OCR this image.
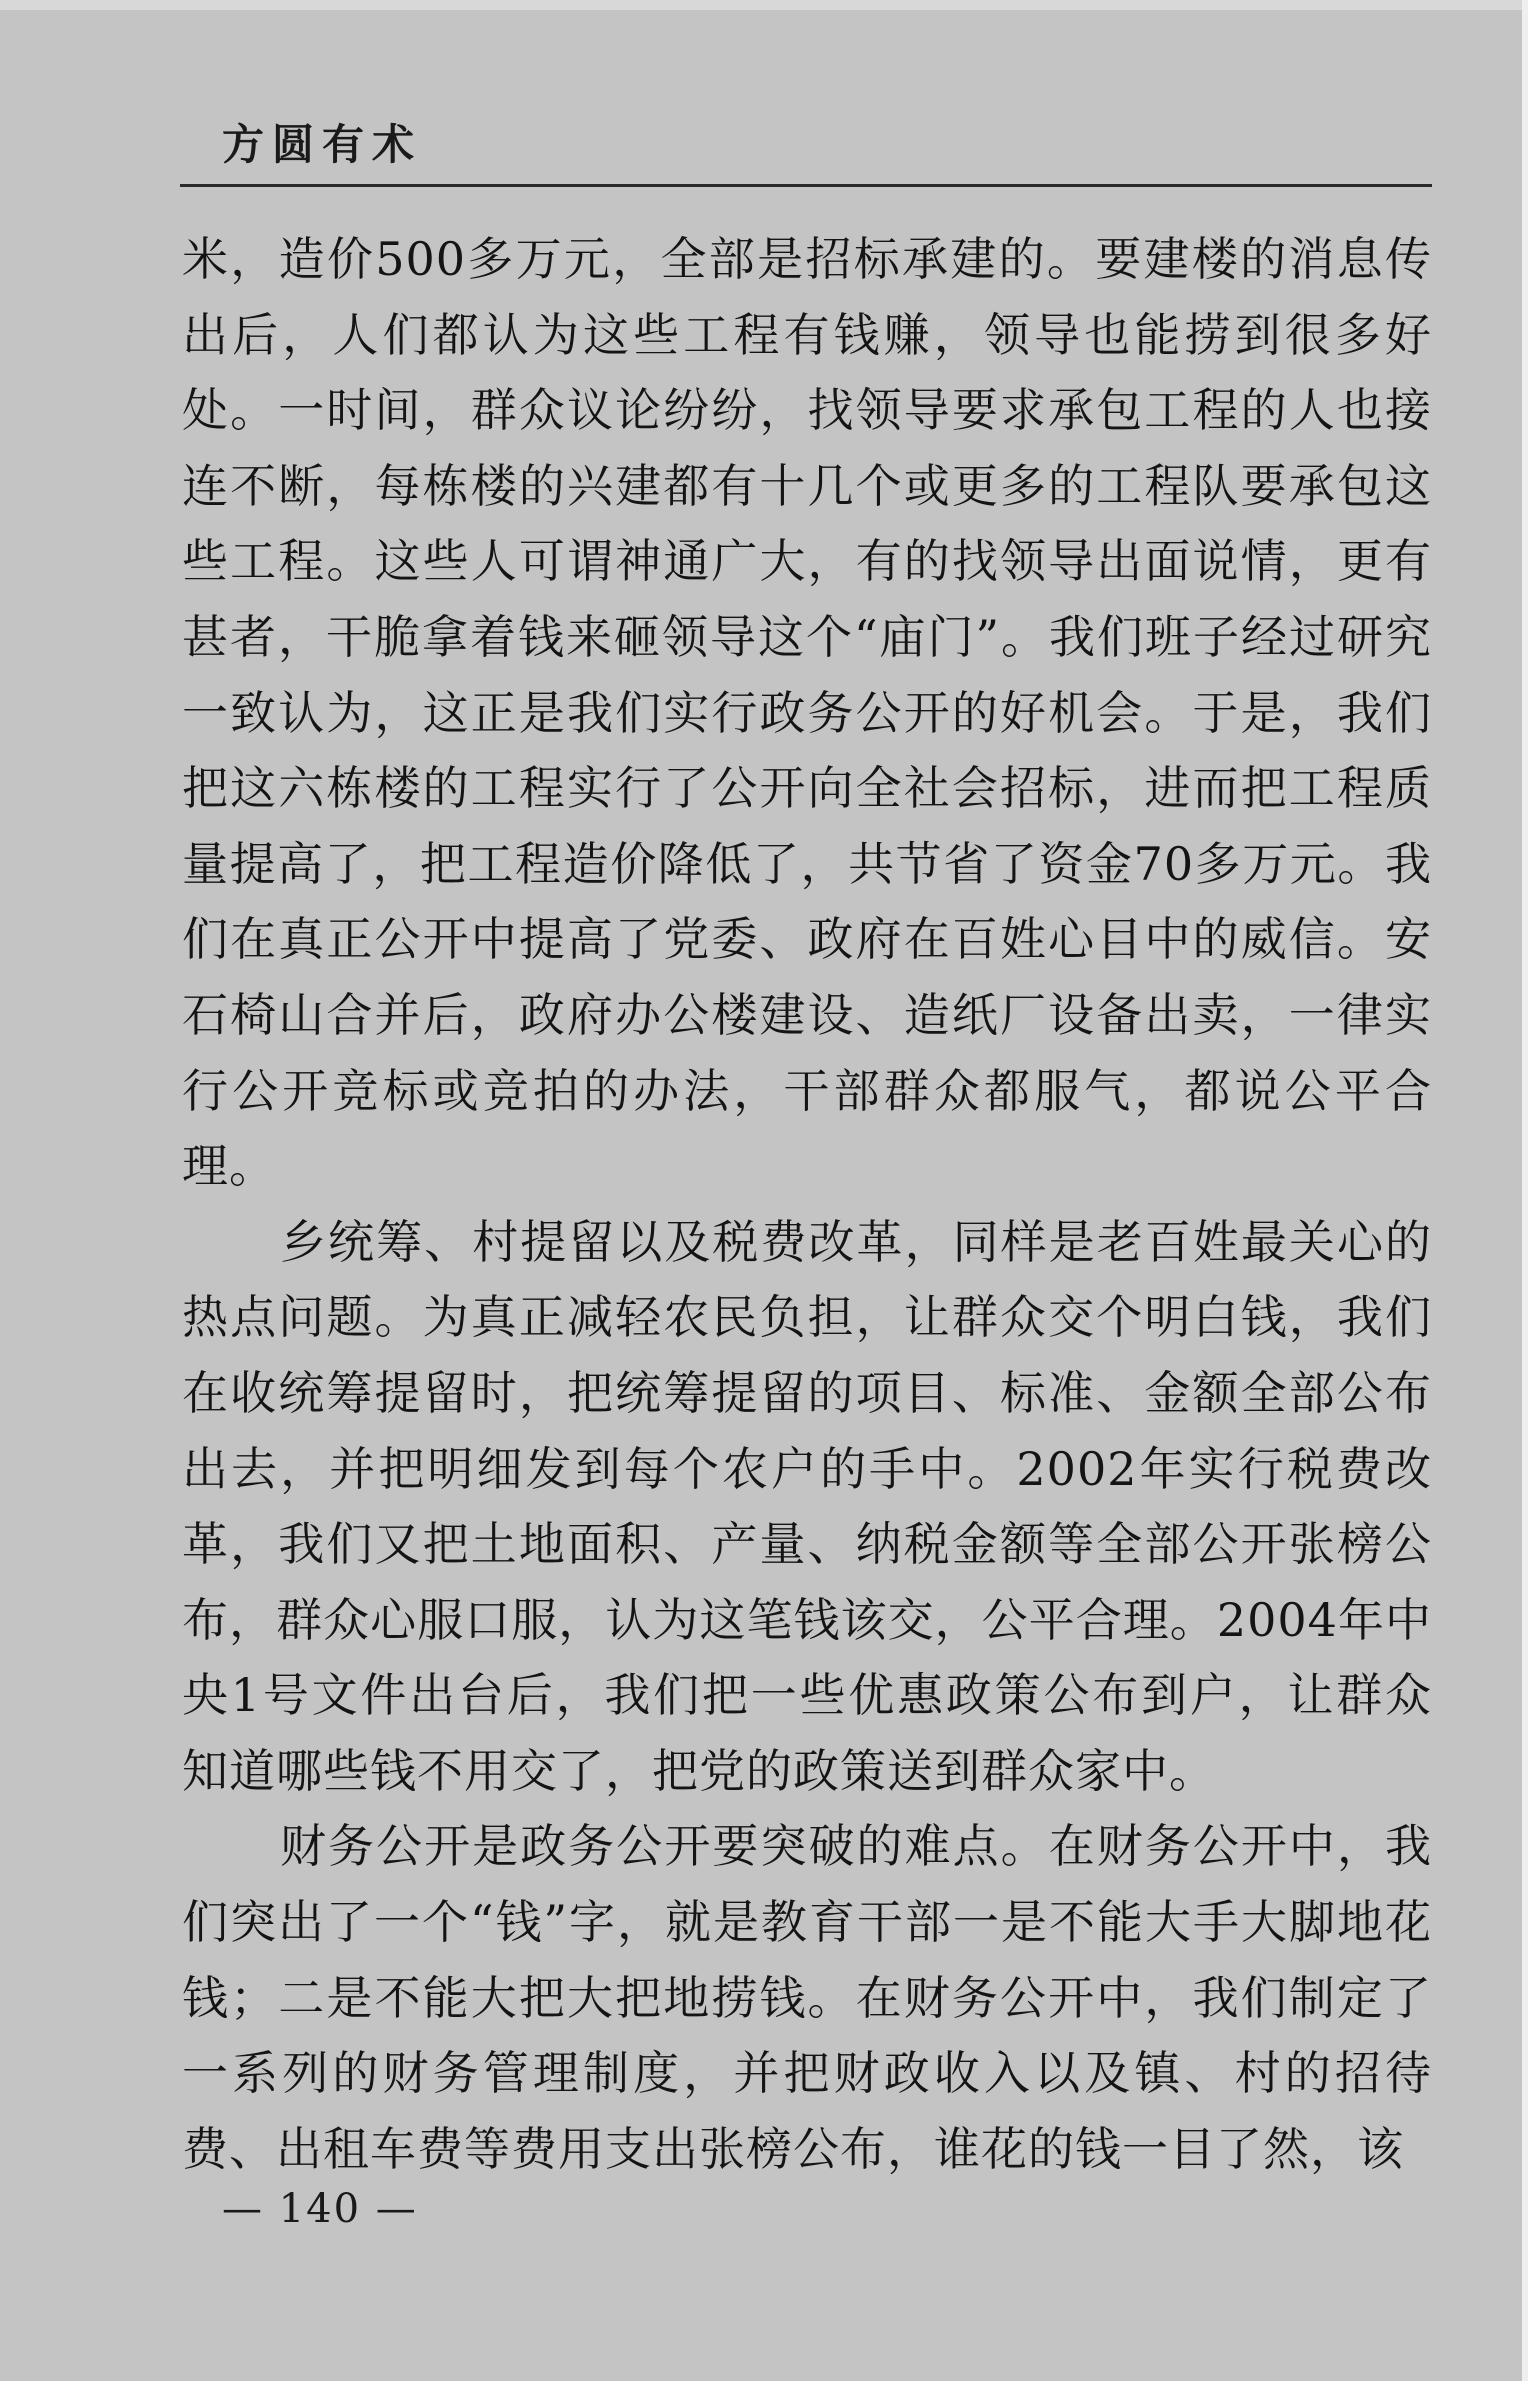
方圆有术

米，造价500多万元，全部是招标承建的。要建楼的消息传出后，人们都认为这些工程有钱赚，领导也能捞到很多好处。一时间，群众议论纷纷，找领导要求承包工程的人也接连不断，每栋楼的兴建都有十几个或更多的工程队要承包这些工程。这些人可谓神通广大，有的找领导出面说情，更有甚者，干脆拿着钱来砸领导这个“庙门”。我们班子经过研究一致认为，这正是我们实行政务公开的好机会。于是，我们把这六栋楼的工程实行了公开向全社会招标，进而把工程质量提高了，把工程造价降低了，共节省了资金70多万元。我们在真正公开中提高了党委、政府在百姓心目中的威信。安石椅山合并后，政府办公楼建设、造纸厂设备出卖，一律实行公开竞标或竞拍的办法，干部群众都服气，都说公平合理。

乡统筹、村提留以及税费改革，同样是老百姓最关心的热点问题。为真正减轻农民负担，让群众交个明白钱，我们在收统筹提留时，把统筹提留的项目、标准、金额全部公布出去，并把明细发到每个农户的手中。2002年实行税费改革，我们又把土地面积、产量、纳税金额等全部公开张榜公布，群众心服口服，认为这笔钱该交，公平合理。2004年中央1号文件出台后，我们把一些优惠政策公布到户，让群众知道哪些钱不用交了，把党的政策送到群众家中。

财务公开是政务公开要突破的难点。在财务公开中，我们突出了一个“钱”字，就是教育干部一是不能大手大脚地花钱；二是不能大把大把地捞钱。在财务公开中，我们制定了一系列的财务管理制度，并把财政收入以及镇、村的招待费、出租车费等费用支出张榜公布，谁花的钱一目了然，该

— 140 —
